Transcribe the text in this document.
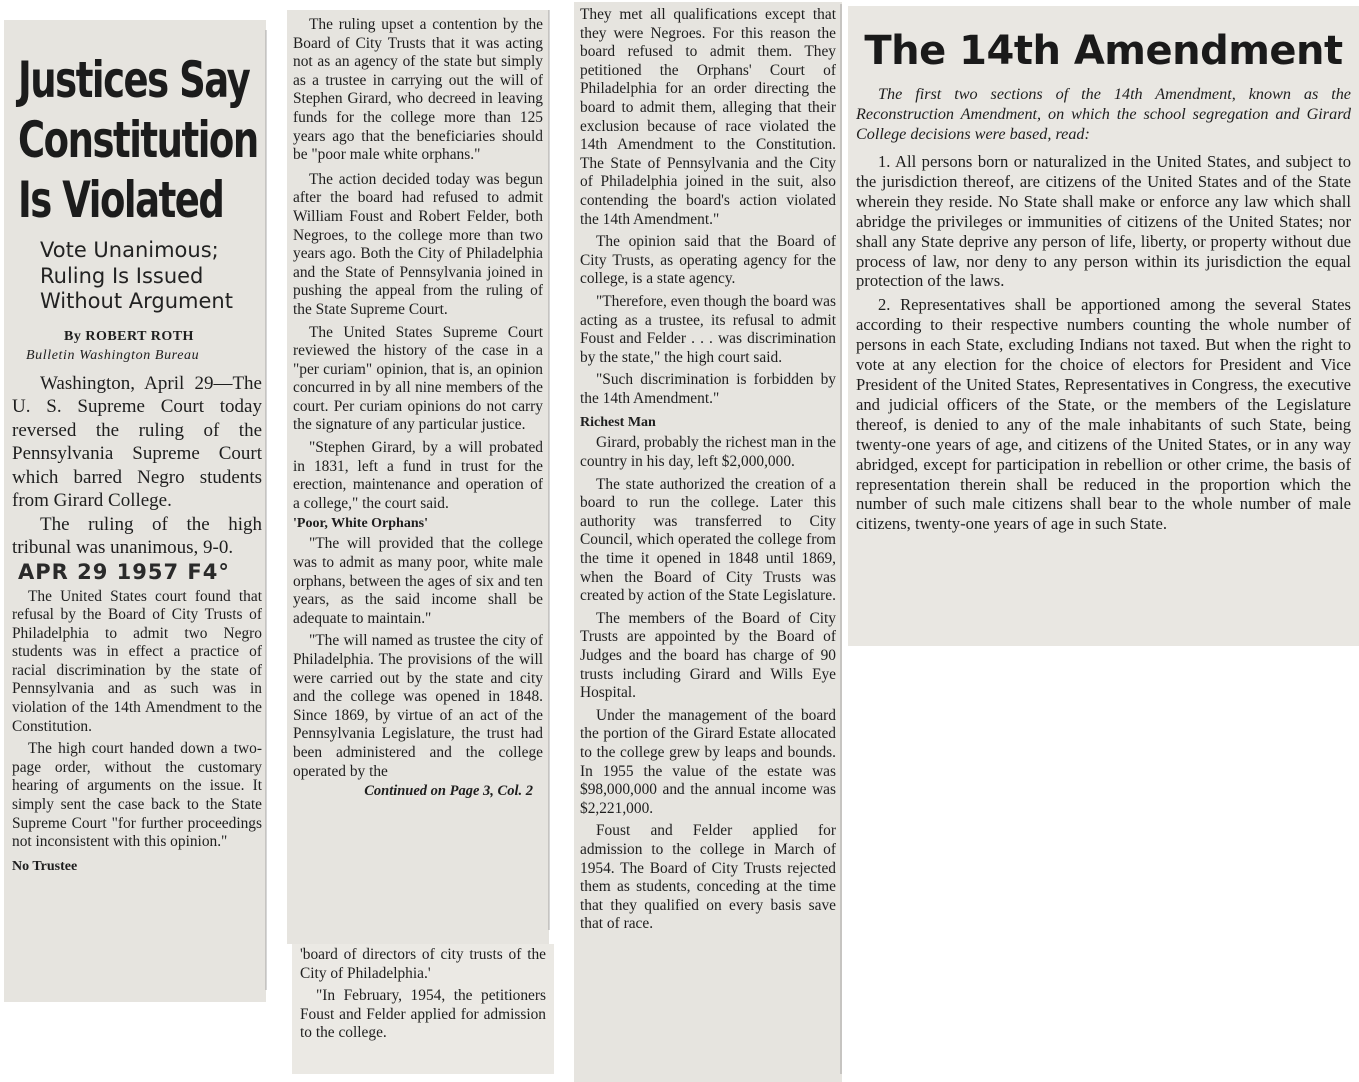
Justices Say
Constitution
Is Violated
Vote Unanimous;
Ruling Is Issued
Without Argument
By ROBERT ROTH
Bulletin Washington Bureau

Washington, April 29—The U. S. Supreme Court today reversed the ruling of the Pennsylvania Supreme Court which barred Negro students from Girard College.

The ruling of the high tribunal was unanimous, 9-0.

APR 29 1957 F4°

The United States court found that refusal by the Board of City Trusts of Philadelphia to admit two Negro students was in effect a practice of racial discrimination by the state of Pennsylvania and as such was in violation of the 14th Amendment to the Constitution.

The high court handed down a two-page order, without the customary hearing of arguments on the issue. It simply sent the case back to the State Supreme Court "for further proceedings not inconsistent with this opinion."

No Trustee

The ruling upset a contention by the Board of City Trusts that it was acting not as an agency of the state but simply as a trustee in carrying out the will of Stephen Girard, who decreed in leaving funds for the college more than 125 years ago that the beneficiaries should be "poor male white orphans."

The action decided today was begun after the board had refused to admit William Foust and Robert Felder, both Negroes, to the college more than two years ago. Both the City of Philadelphia and the State of Pennsylvania joined in pushing the appeal from the ruling of the State Supreme Court.

The United States Supreme Court reviewed the history of the case in a "per curiam" opinion, that is, an opinion concurred in by all nine members of the court. Per curiam opinions do not carry the signature of any particular justice.

"Stephen Girard, by a will probated in 1831, left a fund in trust for the erection, maintenance and operation of a college," the court said.

'Poor, White Orphans'

"The will provided that the college was to admit as many poor, white male orphans, between the ages of six and ten years, as the said income shall be adequate to maintain."

"The will named as trustee the city of Philadelphia. The provisions of the will were carried out by the state and city and the college was opened in 1848. Since 1869, by virtue of an act of the Pennsylvania Legislature, the trust had been administered and the college operated by the

Continued on Page 3, Col. 2

'board of directors of city trusts of the City of Philadelphia.'

"In February, 1954, the petitioners Foust and Felder applied for admission to the college.

They met all qualifications except that they were Negroes. For this reason the board refused to admit them. They petitioned the Orphans' Court of Philadelphia for an order directing the board to admit them, alleging that their exclusion because of race violated the 14th Amendment to the Constitution. The State of Pennsylvania and the City of Philadelphia joined in the suit, also contending the board's action violated the 14th Amendment."

The opinion said that the Board of City Trusts, as operating agency for the college, is a state agency.

"Therefore, even though the board was acting as a trustee, its refusal to admit Foust and Felder . . . was discrimination by the state," the high court said.

"Such discrimination is forbidden by the 14th Amendment."

Richest Man

Girard, probably the richest man in the country in his day, left $2,000,000.

The state authorized the creation of a board to run the college. Later this authority was transferred to City Council, which operated the college from the time it opened in 1848 until 1869, when the Board of City Trusts was created by action of the State Legislature.

The members of the Board of City Trusts are appointed by the Board of Judges and the board has charge of 90 trusts including Girard and Wills Eye Hospital.

Under the management of the board the portion of the Girard Estate allocated to the college grew by leaps and bounds. In 1955 the value of the estate was $98,000,000 and the annual income was $2,221,000.

Foust and Felder applied for admission to the college in March of 1954. The Board of City Trusts rejected them as students, conceding at the time that they qualified on every basis save that of race.

The 14th Amendment

The first two sections of the 14th Amendment, known as the Reconstruction Amendment, on which the school segregation and Girard College decisions were based, read:

1. All persons born or naturalized in the United States, and subject to the jurisdiction thereof, are citizens of the United States and of the State wherein they reside. No State shall make or enforce any law which shall abridge the privileges or immunities of citizens of the United States; nor shall any State deprive any person of life, liberty, or property without due process of law, nor deny to any person within its jurisdiction the equal protection of the laws.

2. Representatives shall be apportioned among the several States according to their respective numbers counting the whole number of persons in each State, excluding Indians not taxed. But when the right to vote at any election for the choice of electors for President and Vice President of the United States, Representatives in Congress, the executive and judicial officers of the State, or the members of the Legislature thereof, is denied to any of the male inhabitants of such State, being twenty-one years of age, and citizens of the United States, or in any way abridged, except for participation in rebellion or other crime, the basis of representation therein shall be reduced in the proportion which the number of such male citizens shall bear to the whole number of male citizens, twenty-one years of age in such State.
